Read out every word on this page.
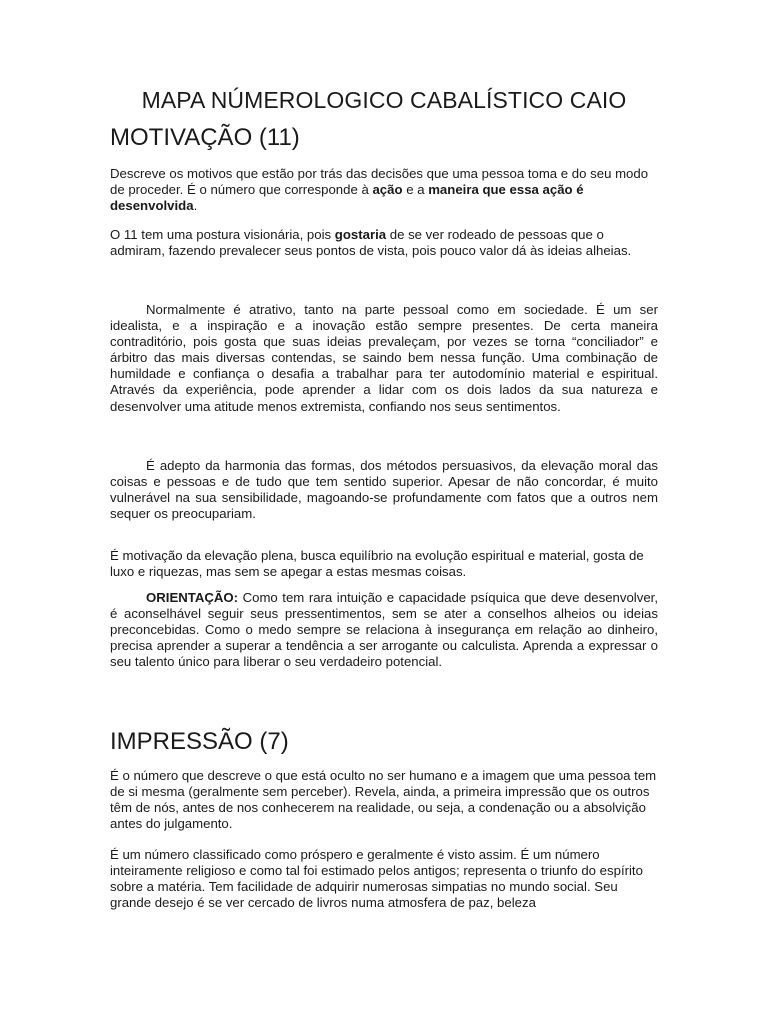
MAPA NÚMEROLOGICO CABALÍSTICO CAIO
MOTIVAÇÃO (11)

Descreve os motivos que estão por trás das decisões que uma pessoa toma e do seu modo de proceder. É o número que corresponde à ação e a maneira que essa ação é desenvolvida.

O 11 tem uma postura visionária, pois gostaria de se ver rodeado de pessoas que o admiram, fazendo prevalecer seus pontos de vista, pois pouco valor dá às ideias alheias.

Normalmente é atrativo, tanto na parte pessoal como em sociedade. É um ser idealista, e a inspiração e a inovação estão sempre presentes. De certa maneira contraditório, pois gosta que suas ideias prevaleçam, por vezes se torna “conciliador” e árbitro das mais diversas contendas, se saindo bem nessa função. Uma combinação de humildade e confiança o desafia a trabalhar para ter autodomínio material e espiritual. Através da experiência, pode aprender a lidar com os dois lados da sua natureza e desenvolver uma atitude menos extremista, confiando nos seus sentimentos.

É adepto da harmonia das formas, dos métodos persuasivos, da elevação moral das coisas e pessoas e de tudo que tem sentido superior. Apesar de não concordar, é muito vulnerável na sua sensibilidade, magoando-se profundamente com fatos que a outros nem sequer os preocupariam.

É motivação da elevação plena, busca equilíbrio na evolução espiritual e material, gosta de luxo e riquezas, mas sem se apegar a estas mesmas coisas.

ORIENTAÇÃO: Como tem rara intuição e capacidade psíquica que deve desenvolver, é aconselhável seguir seus pressentimentos, sem se ater a conselhos alheios ou ideias preconcebidas. Como o medo sempre se relaciona à insegurança em relação ao dinheiro, precisa aprender a superar a tendência a ser arrogante ou calculista. Aprenda a expressar o seu talento único para liberar o seu verdadeiro potencial.

IMPRESSÃO (7)

É o número que descreve o que está oculto no ser humano e a imagem que uma pessoa tem de si mesma (geralmente sem perceber). Revela, ainda, a primeira impressão que os outros têm de nós, antes de nos conhecerem na realidade, ou seja, a condenação ou a absolvição antes do julgamento.

É um número classificado como próspero e geralmente é visto assim. É um número inteiramente religioso e como tal foi estimado pelos antigos; representa o triunfo do espírito sobre a matéria. Tem facilidade de adquirir numerosas simpatias no mundo social. Seu grande desejo é se ver cercado de livros numa atmosfera de paz, beleza
